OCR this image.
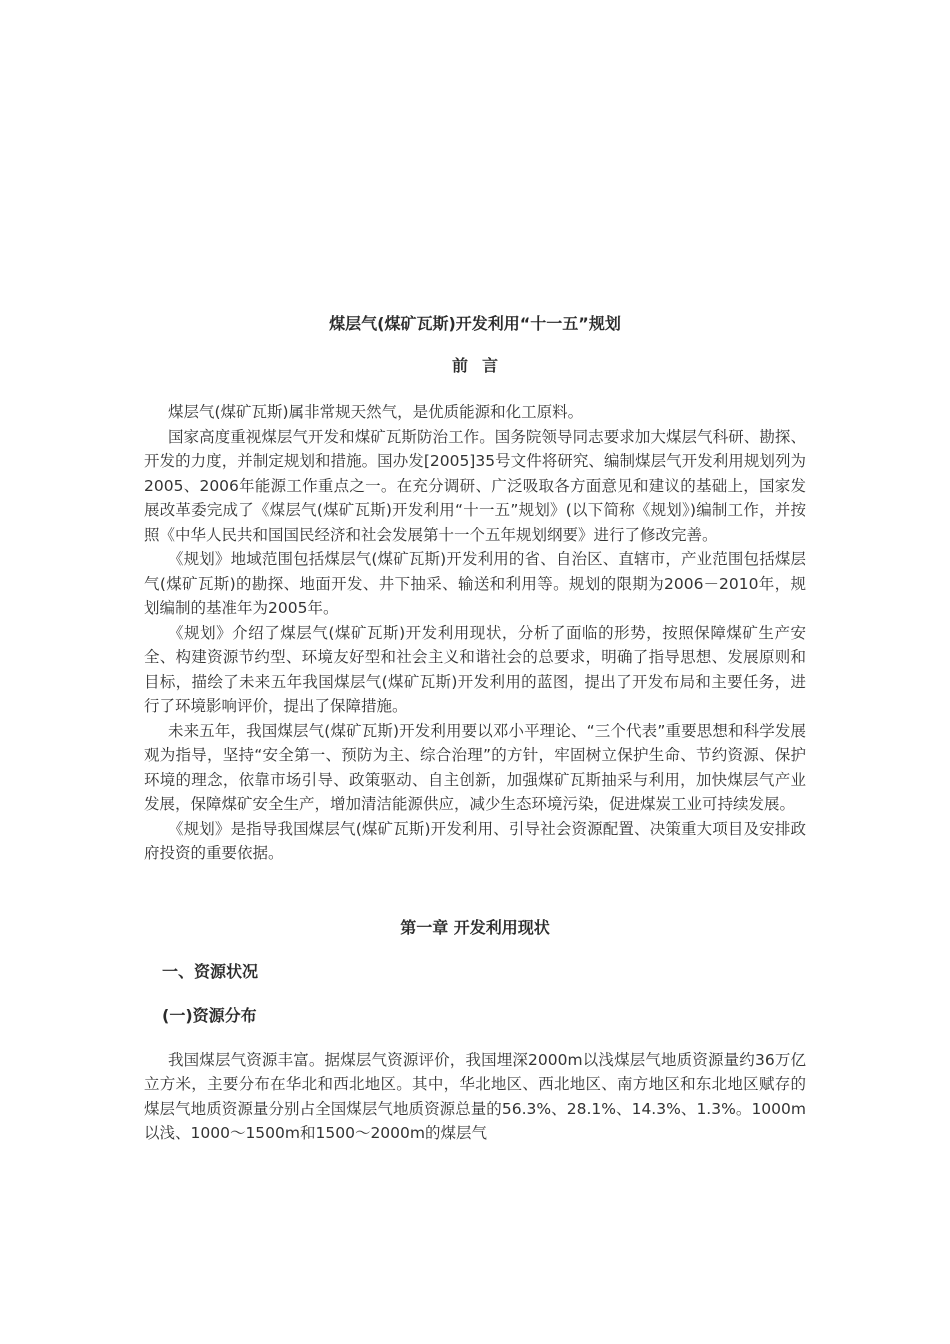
煤层气(煤矿瓦斯)开发利用“十一五”规划
前言

煤层气(煤矿瓦斯)属非常规天然气，是优质能源和化工原料。

国家高度重视煤层气开发和煤矿瓦斯防治工作。国务院领导同志要求加大煤层气科研、勘探、开发的力度，并制定规划和措施。国办发[2005]35号文件将研究、编制煤层气开发利用规划列为2005、2006年能源工作重点之一。在充分调研、广泛吸取各方面意见和建议的基础上，国家发展改革委完成了《煤层气(煤矿瓦斯)开发利用“十一五”规划》(以下简称《规划》)编制工作，并按照《中华人民共和国国民经济和社会发展第十一个五年规划纲要》进行了修改完善。

《规划》地域范围包括煤层气(煤矿瓦斯)开发利用的省、自治区、直辖市，产业范围包括煤层气(煤矿瓦斯)的勘探、地面开发、井下抽采、输送和利用等。规划的限期为2006－2010年，规划编制的基准年为2005年。

《规划》介绍了煤层气(煤矿瓦斯)开发利用现状，分析了面临的形势，按照保障煤矿生产安全、构建资源节约型、环境友好型和社会主义和谐社会的总要求，明确了指导思想、发展原则和目标，描绘了未来五年我国煤层气(煤矿瓦斯)开发利用的蓝图，提出了开发布局和主要任务，进行了环境影响评价，提出了保障措施。

未来五年，我国煤层气(煤矿瓦斯)开发利用要以邓小平理论、“三个代表”重要思想和科学发展观为指导，坚持“安全第一、预防为主、综合治理”的方针，牢固树立保护生命、节约资源、保护环境的理念，依靠市场引导、政策驱动、自主创新，加强煤矿瓦斯抽采与利用，加快煤层气产业发展，保障煤矿安全生产，增加清洁能源供应，减少生态环境污染，促进煤炭工业可持续发展。

《规划》是指导我国煤层气(煤矿瓦斯)开发利用、引导社会资源配置、决策重大项目及安排政府投资的重要依据。

第一章 开发利用现状
一、资源状况
(一)资源分布

我国煤层气资源丰富。据煤层气资源评价，我国埋深2000m以浅煤层气地质资源量约36万亿立方米，主要分布在华北和西北地区。其中，华北地区、西北地区、南方地区和东北地区赋存的煤层气地质资源量分别占全国煤层气地质资源总量的56.3%、28.1%、14.3%、1.3%。1000m以浅、1000～1500m和1500～2000m的煤层气
